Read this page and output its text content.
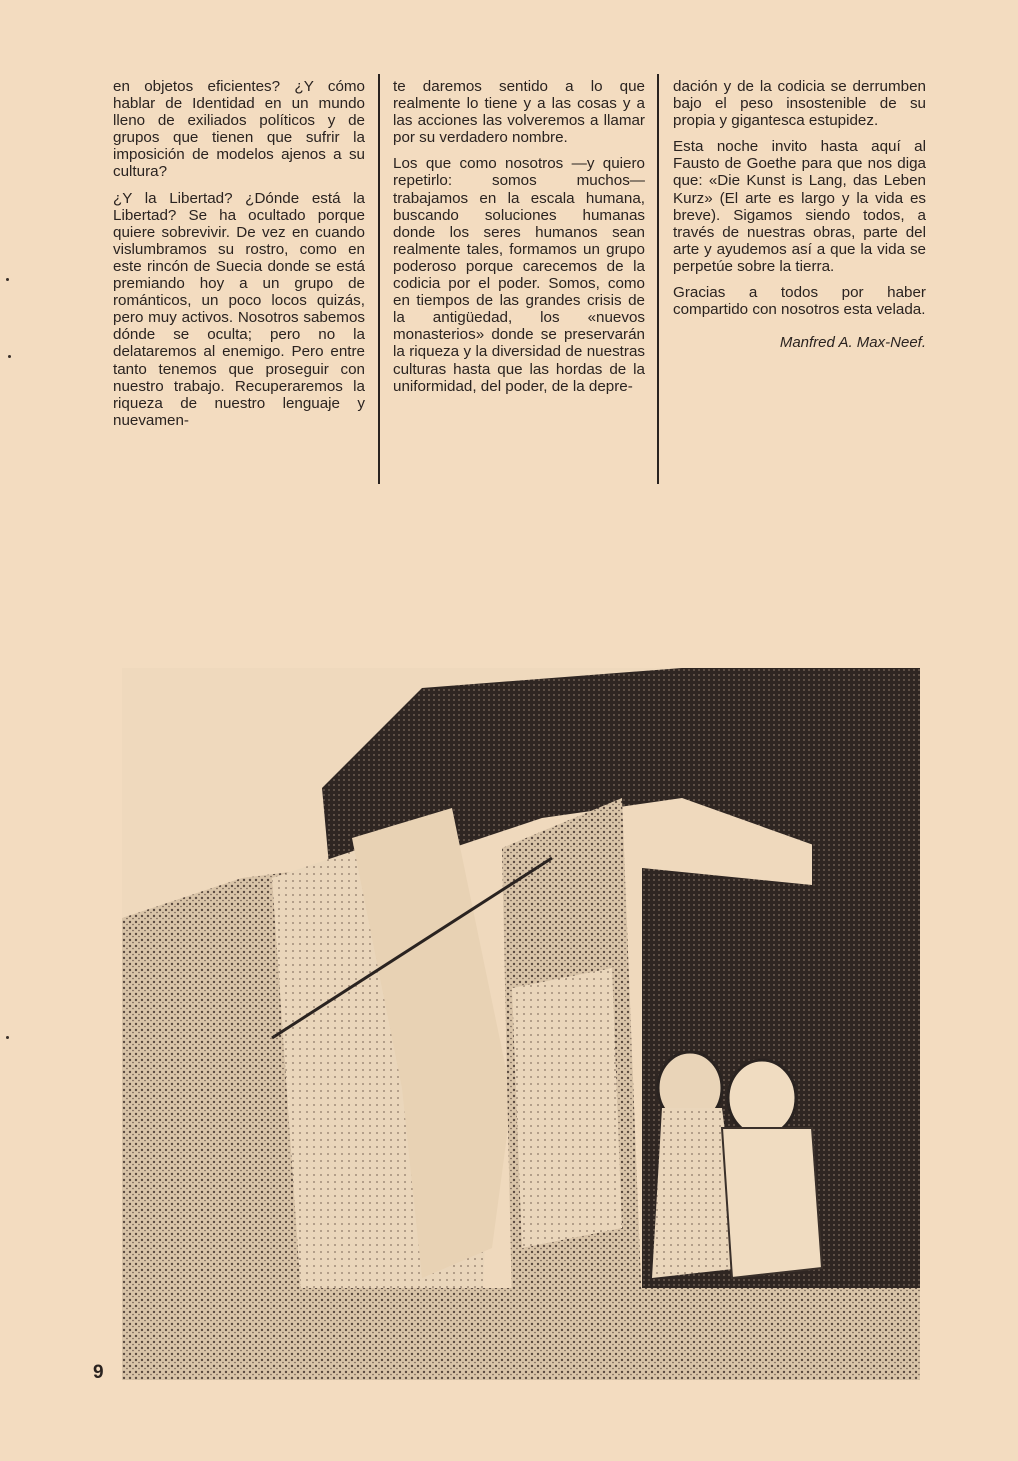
en objetos eficientes? ¿Y cómo hablar de Identidad en un mundo lleno de exiliados políticos y de grupos que tienen que sufrir la imposición de modelos ajenos a su cultura?

¿Y la Libertad? ¿Dónde está la Libertad? Se ha ocultado porque quiere sobrevivir. De vez en cuando vislumbramos su rostro, como en este rincón de Suecia donde se está premiando hoy a un grupo de románticos, un poco locos quizás, pero muy activos. Nosotros sabemos dónde se oculta; pero no la delataremos al enemigo. Pero entre tanto tenemos que proseguir con nuestro trabajo. Recuperaremos la riqueza de nuestro lenguaje y nuevamen-

te daremos sentido a lo que realmente lo tiene y a las cosas y a las acciones las volveremos a llamar por su verdadero nombre.

Los que como nosotros —y quiero repetirlo: somos muchos— trabajamos en la escala humana, buscando soluciones humanas donde los seres humanos sean realmente tales, formamos un grupo poderoso porque carecemos de la codicia por el poder. Somos, como en tiempos de las grandes crisis de la antigüedad, los «nuevos monasterios» donde se preservarán la riqueza y la diversidad de nuestras culturas hasta que las hordas de la uniformidad, del poder, de la depre-

dación y de la codicia se derrumben bajo el peso insostenible de su propia y gigantesca estupidez.

Esta noche invito hasta aquí al Fausto de Goethe para que nos diga que: «Die Kunst is Lang, das Leben Kurz» (El arte es largo y la vida es breve). Sigamos siendo todos, a través de nuestras obras, parte del arte y ayudemos así a que la vida se perpetúe sobre la tierra.

Gracias a todos por haber compartido con nosotros esta velada.

Manfred A. Max-Neef.
9
